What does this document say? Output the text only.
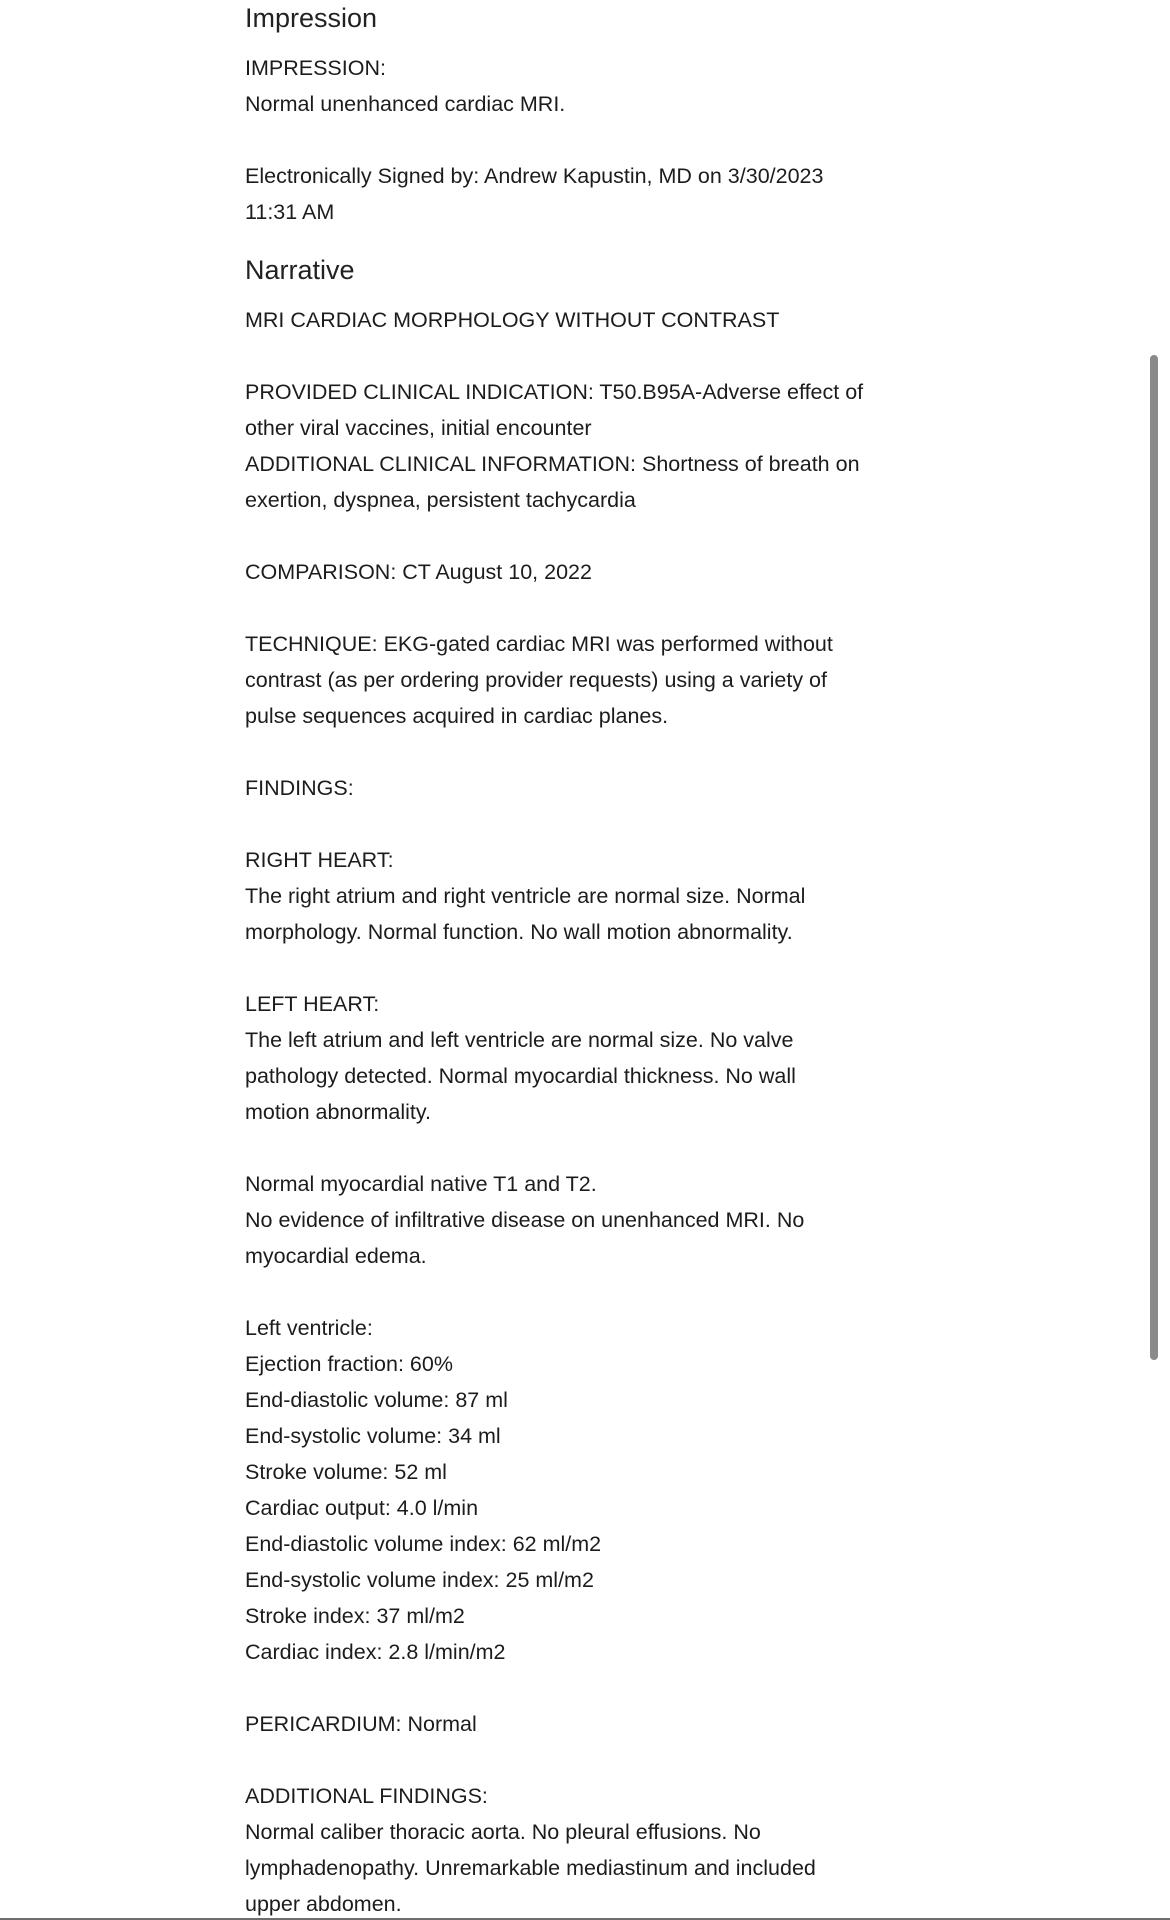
Impression
IMPRESSION:
Normal unenhanced cardiac MRI.
Electronically Signed by: Andrew Kapustin, MD on 3/30/2023
11:31 AM
Narrative
MRI CARDIAC MORPHOLOGY WITHOUT CONTRAST
PROVIDED CLINICAL INDICATION: T50.B95A-Adverse effect of
other viral vaccines, initial encounter
ADDITIONAL CLINICAL INFORMATION: Shortness of breath on
exertion, dyspnea, persistent tachycardia
COMPARISON: CT August 10, 2022
TECHNIQUE: EKG-gated cardiac MRI was performed without
contrast (as per ordering provider requests) using a variety of
pulse sequences acquired in cardiac planes.
FINDINGS:
RIGHT HEART:
The right atrium and right ventricle are normal size. Normal
morphology. Normal function. No wall motion abnormality.
LEFT HEART:
The left atrium and left ventricle are normal size. No valve
pathology detected. Normal myocardial thickness. No wall
motion abnormality.
Normal myocardial native T1 and T2.
No evidence of infiltrative disease on unenhanced MRI. No
myocardial edema.
Left ventricle:
Ejection fraction: 60%
End-diastolic volume: 87 ml
End-systolic volume: 34 ml
Stroke volume: 52 ml
Cardiac output: 4.0 l/min
End-diastolic volume index: 62 ml/m2
End-systolic volume index: 25 ml/m2
Stroke index: 37 ml/m2
Cardiac index: 2.8 l/min/m2
PERICARDIUM: Normal
ADDITIONAL FINDINGS:
Normal caliber thoracic aorta. No pleural effusions. No
lymphadenopathy. Unremarkable mediastinum and included
upper abdomen.
